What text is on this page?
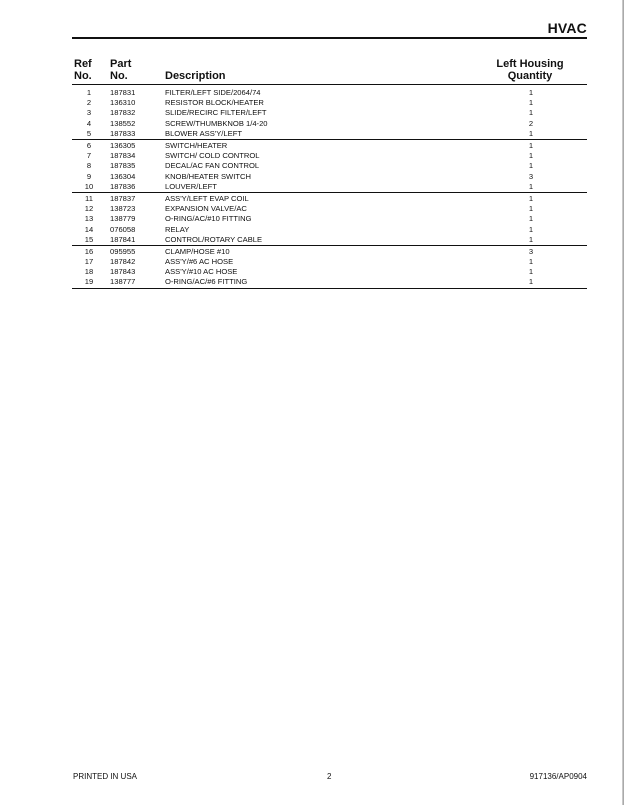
HVAC
Ref
No.
Part
No.	Description
Left Housing
Quantity
1	187831	FILTER/LEFT SIDE/2064/74	1
2	136310	RESISTOR BLOCK/HEATER	1
3	187832	SLIDE/RECIRC FILTER/LEFT	1
4	138552	SCREW/THUMBKNOB 1/4-20	2
5	187833	BLOWER ASS'Y/LEFT	1
6	136305	SWITCH/HEATER	1
7	187834	SWITCH/ COLD CONTROL	1
8	187835	DECAL/AC FAN CONTROL	1
9	136304	KNOB/HEATER SWITCH	3
10	187836	LOUVER/LEFT	1
11	187837	ASS'Y/LEFT EVAP COIL	1
12	138723	EXPANSION VALVE/AC	1
13	138779	O-RING/AC/#10 FITTING	1
14	076058	RELAY	1
15	187841	CONTROL/ROTARY CABLE	1
16	095955	CLAMP/HOSE #10	3
17	187842	ASS'Y/#6 AC HOSE	1
18	187843	ASS'Y/#10 AC HOSE	1
19	138777	O-RING/AC/#6 FITTING	1
PRINTED IN USA	2	917136/AP0904
